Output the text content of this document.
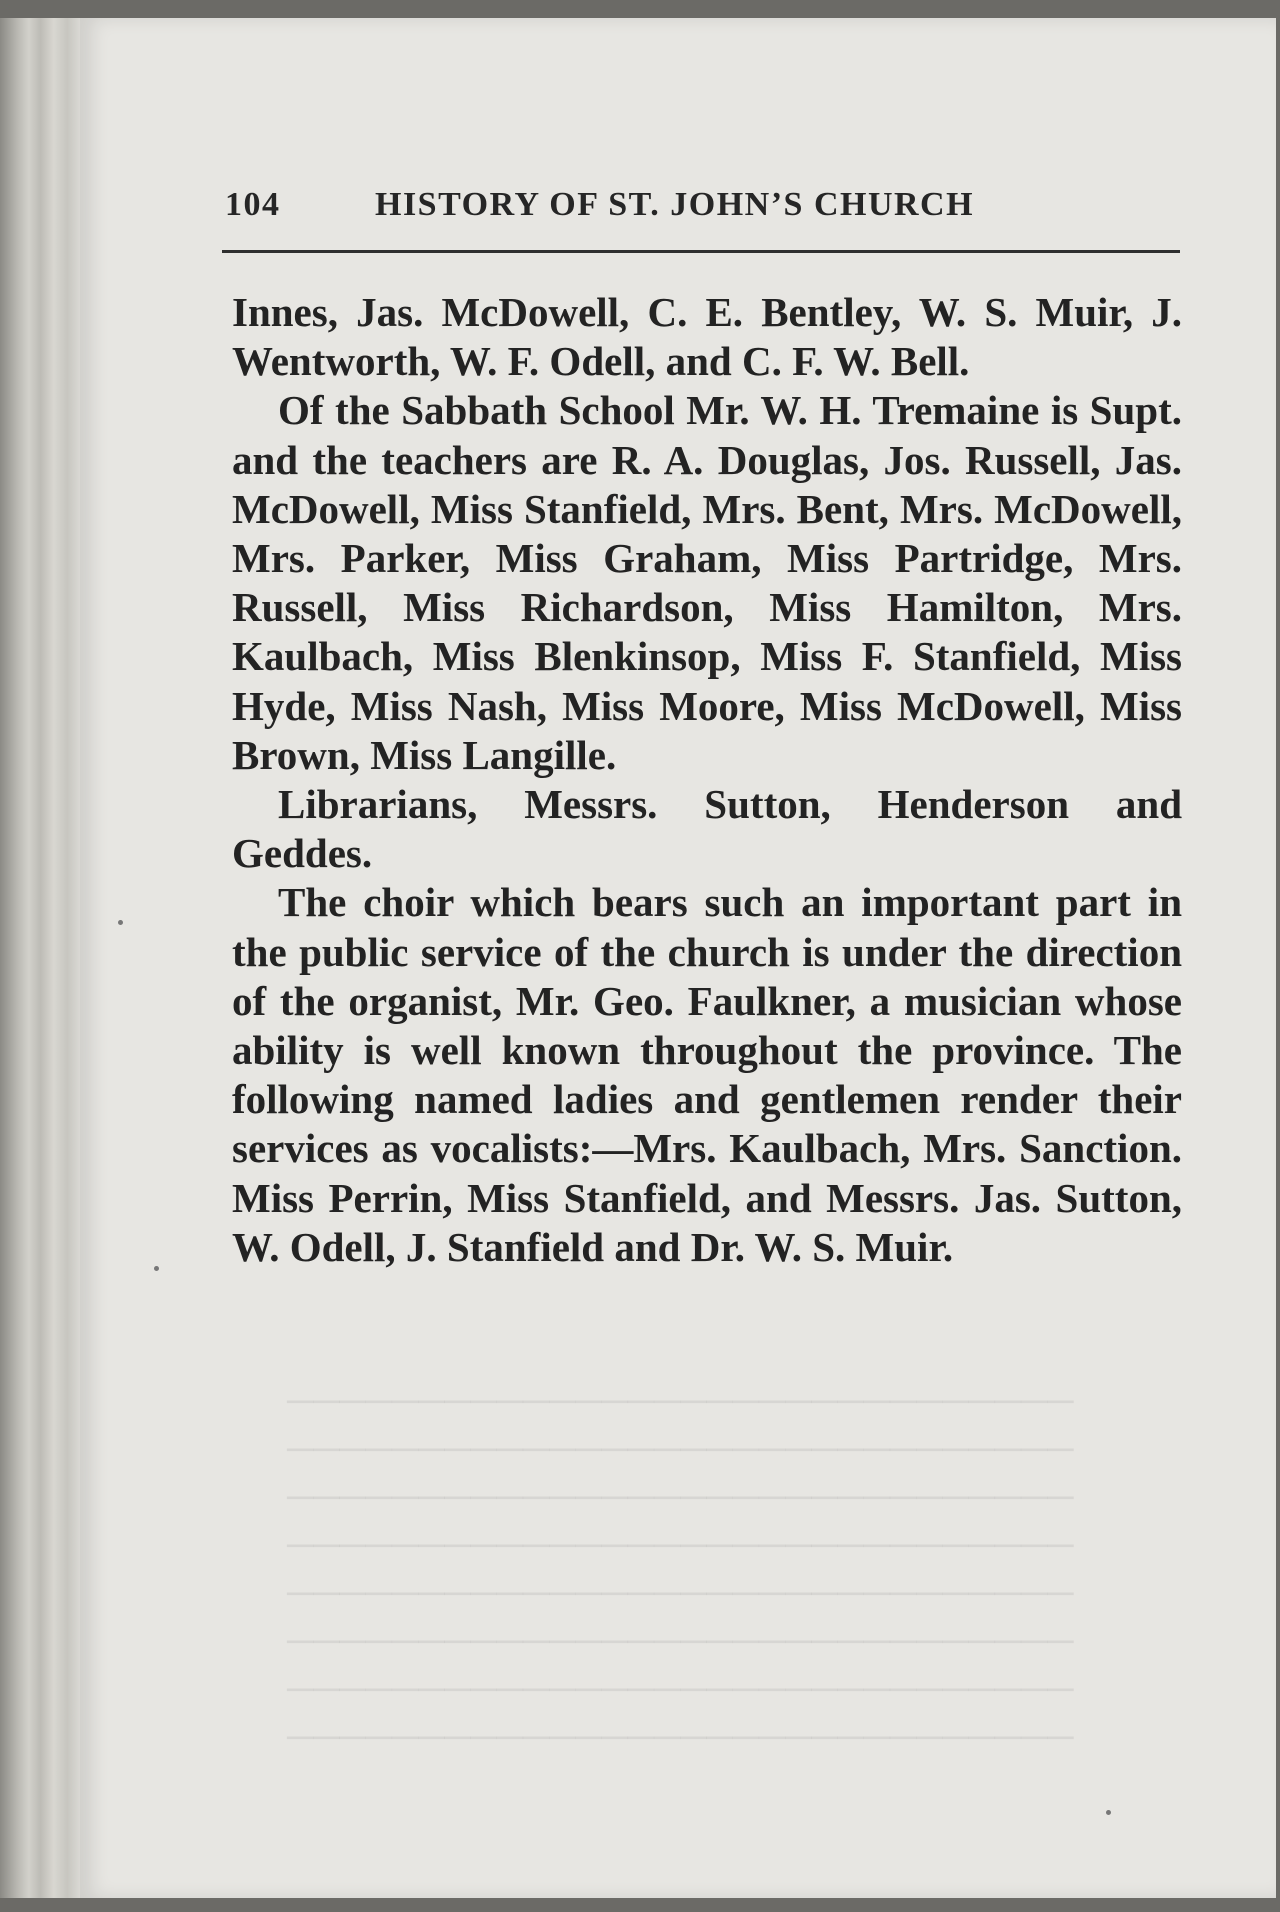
104	HISTORY OF ST. JOHN’S CHURCH

Innes, Jas. McDowell, C. E. Bentley, W. S. Muir, J. Wentworth, W. F. Odell, and C. F. W. Bell.

Of the Sabbath School Mr. W. H. Tremaine is Supt. and the teachers are R. A. Douglas, Jos. Russell, Jas. McDowell, Miss Stanfield, Mrs. Bent, Mrs. McDowell, Mrs. Parker, Miss Graham, Miss Partridge, Mrs. Russell, Miss Richardson, Miss Hamilton, Mrs. Kaulbach, Miss Blenkinsop, Miss F. Stanfield, Miss Hyde, Miss Nash, Miss Moore, Miss McDowell, Miss Brown, Miss Langille.

Librarians, Messrs. Sutton, Henderson and Geddes.

The choir which bears such an important part in the public service of the church is under the direction of the organist, Mr. Geo. Faulkner, a musician whose ability is well known throughout the province. The following named ladies and gentlemen render their services as vocalists:—Mrs. Kaulbach, Mrs. Sanction. Miss Perrin, Miss Stanfield, and Messrs. Jas. Sutton, W. Odell, J. Stanfield and Dr. W. S. Muir.
